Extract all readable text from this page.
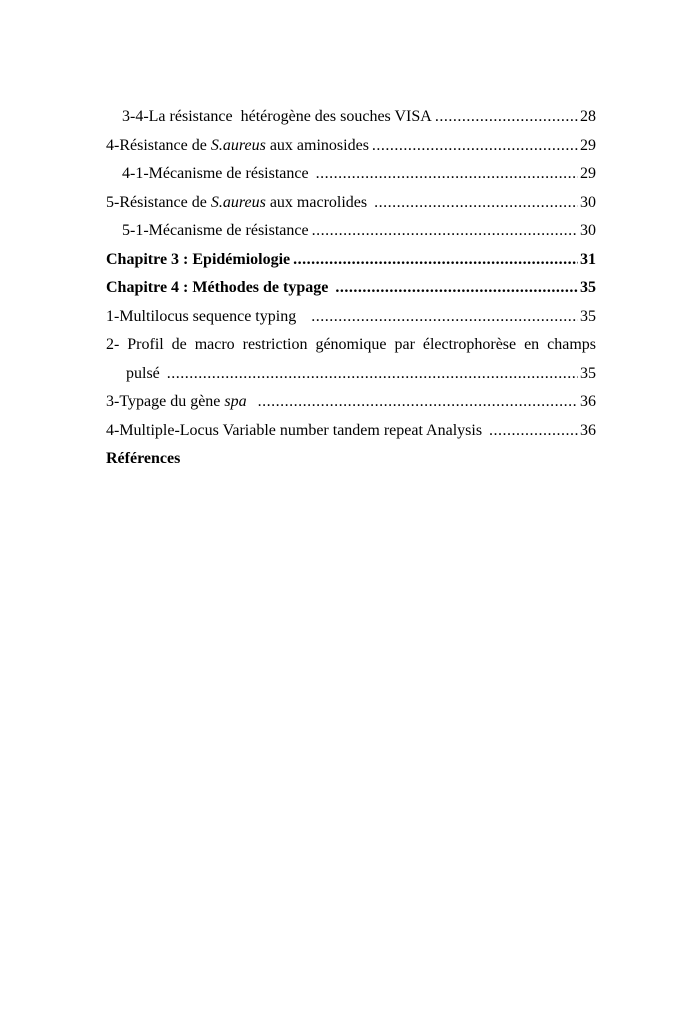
3-4- La résistance  hétérogène des souches VISA .....	28
4- Résistance de S.aureus aux aminosides .....	29
4-1- Mécanisme de résistance .....	29
5- Résistance de S.aureus aux macrolides .....	30
5-1- Mécanisme de résistance .....	30
Chapitre 3 : Epidémiologie .....	31
Chapitre 4 : Méthodes de typage .....	35
1- Multilocus sequence typing .....	35
2- Profil de macro restriction génomique par électrophorèse en champs
pulsé .....	35
3- Typage du gène spa .....	36
4- Multiple-Locus Variable number tandem repeat Analysis .....	36
Références
